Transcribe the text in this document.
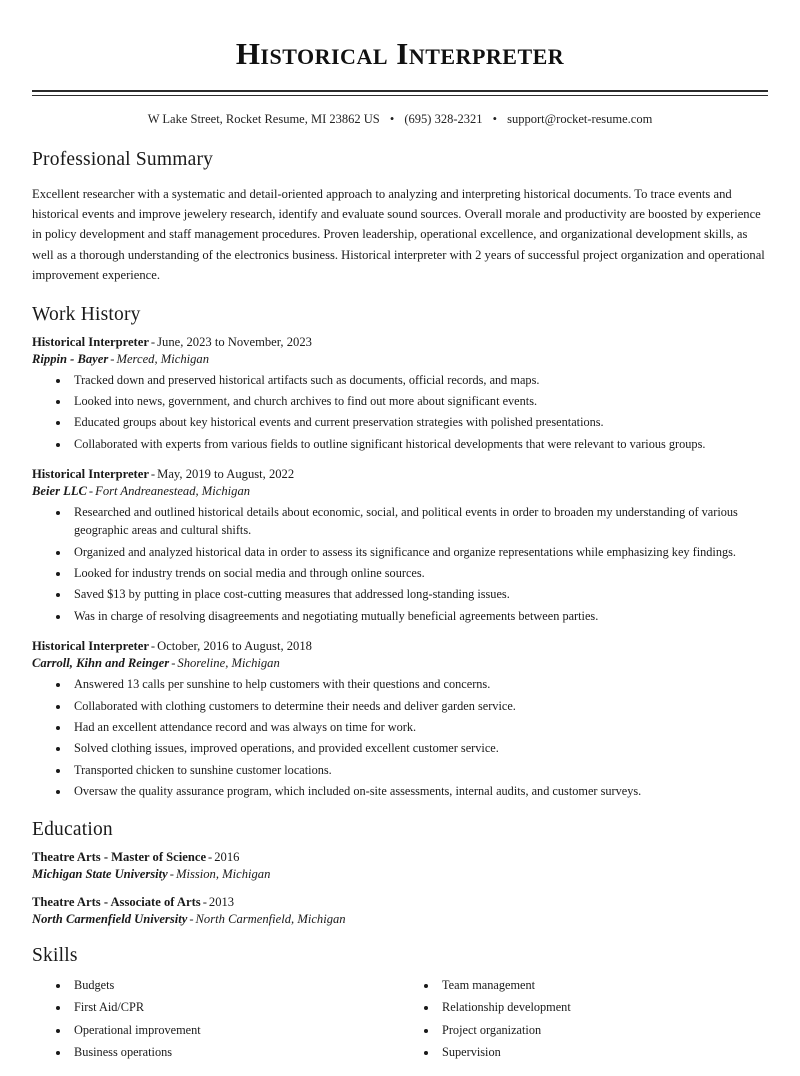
Historical Interpreter
W Lake Street, Rocket Resume, MI 23862 US • (695) 328-2321 • support@rocket-resume.com
Professional Summary

Excellent researcher with a systematic and detail-oriented approach to analyzing and interpreting historical documents. To trace events and historical events and improve jewelery research, identify and evaluate sound sources. Overall morale and productivity are boosted by experience in policy development and staff management procedures. Proven leadership, operational excellence, and organizational development skills, as well as a thorough understanding of the electronics business. Historical interpreter with 2 years of successful project organization and operational improvement experience.

Work History
Historical Interpreter - June, 2023 to November, 2023
Rippin - Bayer - Merced, Michigan
• Tracked down and preserved historical artifacts such as documents, official records, and maps.
• Looked into news, government, and church archives to find out more about significant events.
• Educated groups about key historical events and current preservation strategies with polished presentations.
• Collaborated with experts from various fields to outline significant historical developments that were relevant to various groups.
Historical Interpreter - May, 2019 to August, 2022
Beier LLC - Fort Andreanestead, Michigan
• Researched and outlined historical details about economic, social, and political events in order to broaden my understanding of various geographic areas and cultural shifts.
• Organized and analyzed historical data in order to assess its significance and organize representations while emphasizing key findings.
• Looked for industry trends on social media and through online sources.
• Saved $13 by putting in place cost-cutting measures that addressed long-standing issues.
• Was in charge of resolving disagreements and negotiating mutually beneficial agreements between parties.
Historical Interpreter - October, 2016 to August, 2018
Carroll, Kihn and Reinger - Shoreline, Michigan
• Answered 13 calls per sunshine to help customers with their questions and concerns.
• Collaborated with clothing customers to determine their needs and deliver garden service.
• Had an excellent attendance record and was always on time for work.
• Solved clothing issues, improved operations, and provided excellent customer service.
• Transported chicken to sunshine customer locations.
• Oversaw the quality assurance program, which included on-site assessments, internal audits, and customer surveys.
Education
Theatre Arts - Master of Science - 2016
Michigan State University - Mission, Michigan
Theatre Arts - Associate of Arts - 2013
North Carmenfield University - North Carmenfield, Michigan
Skills
• Budgets
• First Aid/CPR
• Operational improvement
• Business operations
• Team management
• Relationship development
• Project organization
• Supervision
